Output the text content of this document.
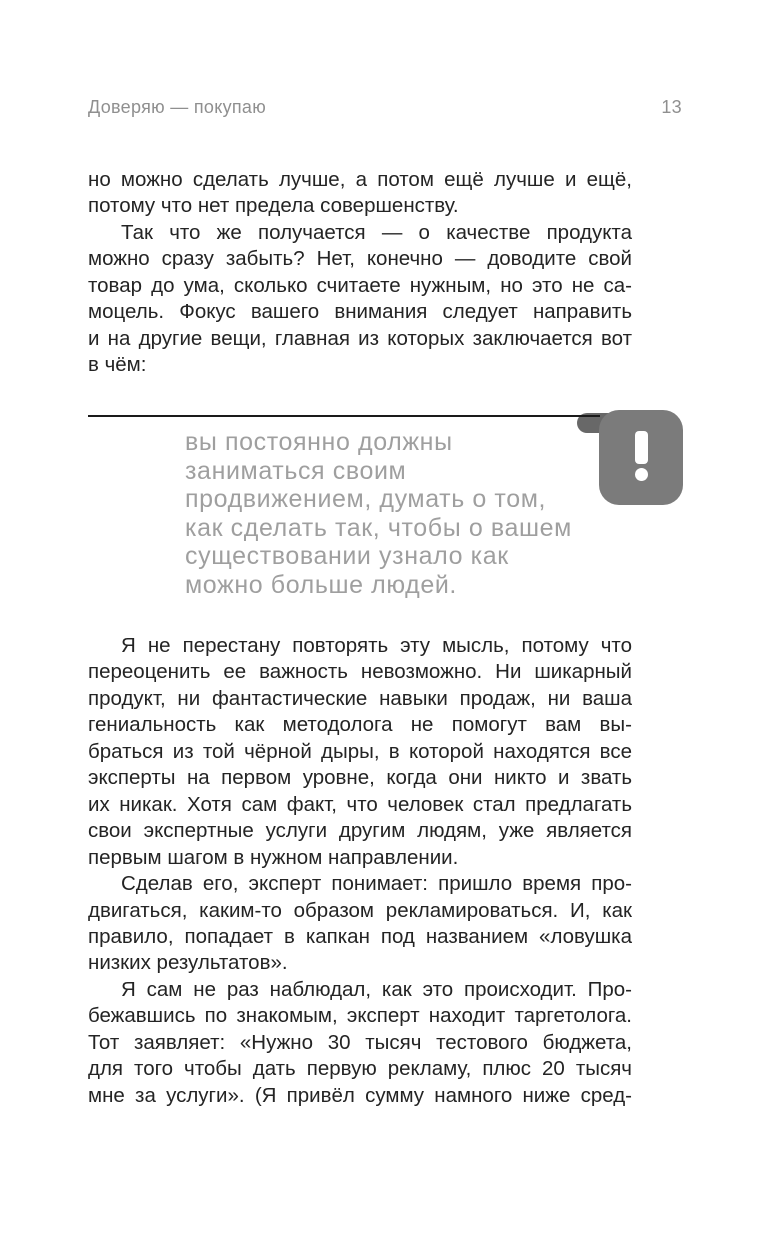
Доверяю — покупаю	13
но можно сделать лучше, а потом ещё лучше и ещё,
потому что нет предела совершенству.
Так что же получается — о качестве продукта
можно сразу забыть? Нет, конечно — доводите свой
товар до ума, сколько считаете нужным, но это не са-
моцель. Фокус вашего внимания следует направить
и на другие вещи, главная из которых заключается вот
в чём:
вы постоянно должны
заниматься своим
продвижением, думать о том,
как сделать так, чтобы о вашем
существовании узнало как
можно больше людей.
Я не перестану повторять эту мысль, потому что
переоценить ее важность невозможно. Ни шикарный
продукт, ни фантастические навыки продаж, ни ваша
гениальность как методолога не помогут вам вы-
браться из той чёрной дыры, в которой находятся все
эксперты на первом уровне, когда они никто и звать
их никак. Хотя сам факт, что человек стал предлагать
свои экспертные услуги другим людям, уже является
первым шагом в нужном направлении.
Сделав его, эксперт понимает: пришло время про-
двигаться, каким-то образом рекламироваться. И, как
правило, попадает в капкан под названием «ловушка
низких результатов».
Я сам не раз наблюдал, как это происходит. Про-
бежавшись по знакомым, эксперт находит таргетолога.
Тот заявляет: «Нужно 30 тысяч тестового бюджета,
для того чтобы дать первую рекламу, плюс 20 тысяч
мне за услуги». (Я привёл сумму намного ниже сред-
